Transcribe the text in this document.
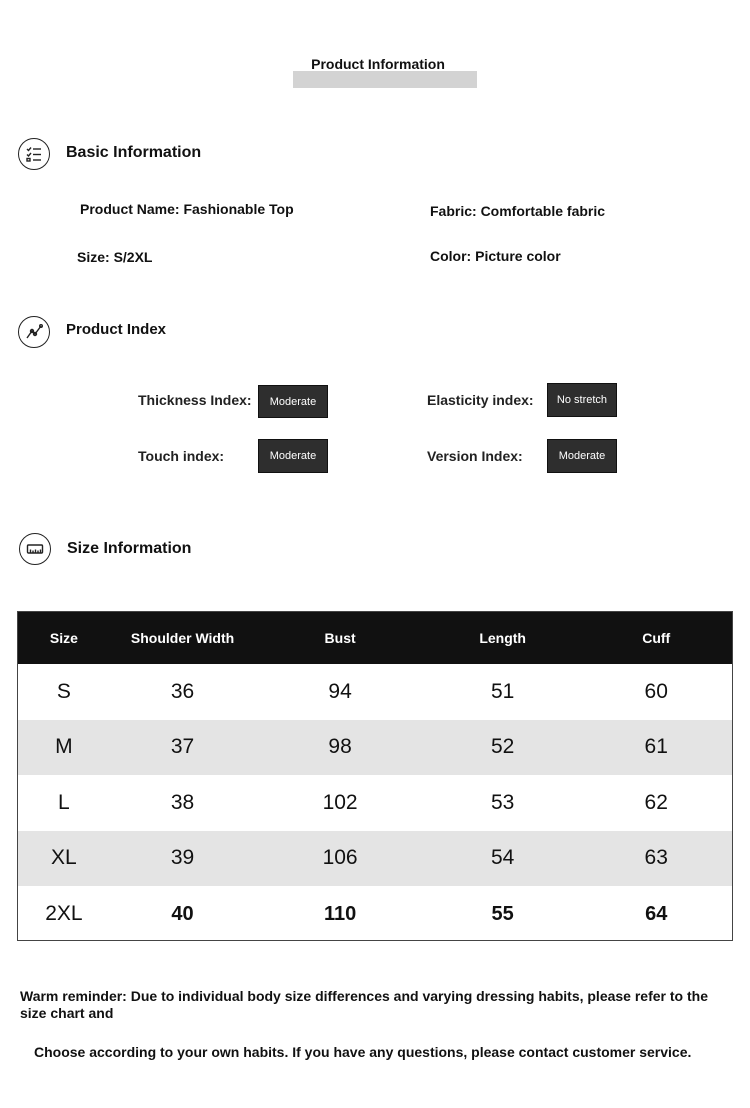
Product Information
Basic Information
Product Name: Fashionable Top	Fabric: Comfortable fabric
Size: S/2XL	Color: Picture color
Product Index
Thickness Index:	Moderate	Elasticity index:	No stretch
Touch index:	Moderate	Version Index:	Moderate
Size Information
Size	Shoulder Width	Bust	Length	Cuff
S	36	94	51	60
M	37	98	52	61
L	38	102	53	62
XL	39	106	54	63
2XL	40	110	55	64
Warm reminder: Due to individual body size differences and varying dressing habits, please refer to the size chart and
Choose according to your own habits. If you have any questions, please contact customer service.
